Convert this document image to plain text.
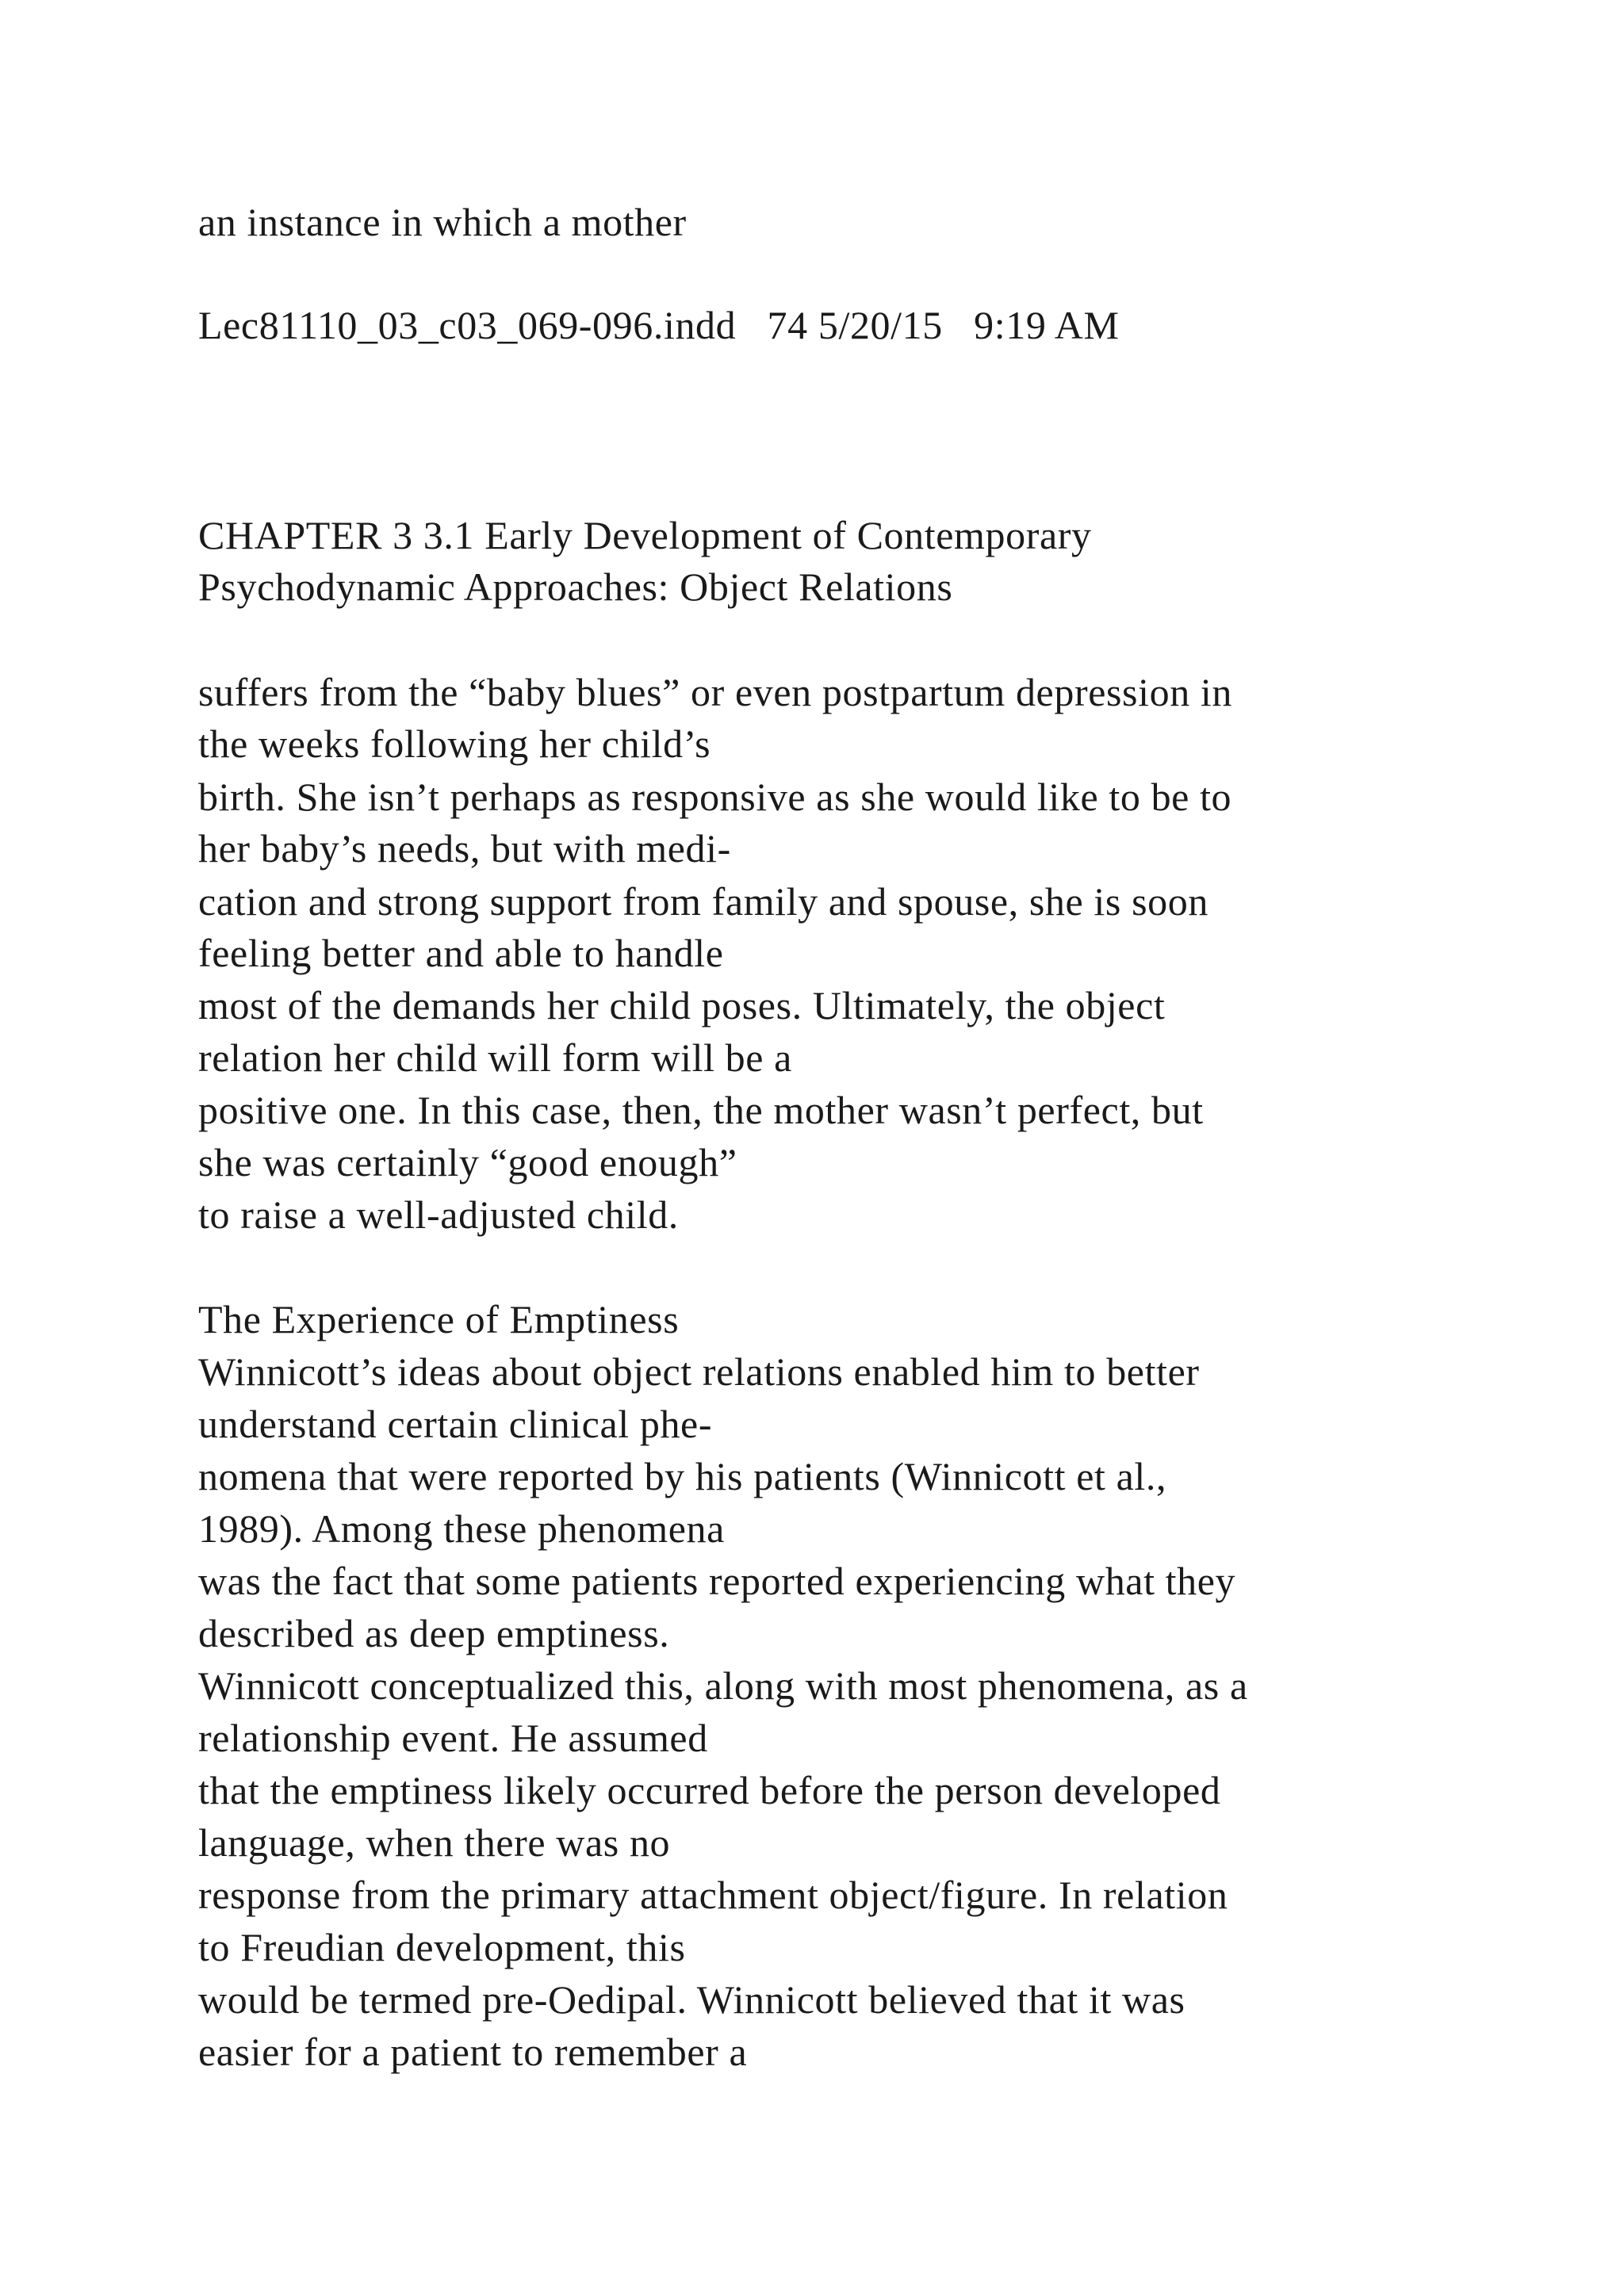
an instance in which a mother
Lec81110_03_c03_069-096.indd   74 5/20/15   9:19 AM
CHAPTER 3 3.1 Early Development of Contemporary
Psychodynamic Approaches: Object Relations
suffers from the “baby blues” or even postpartum depression in
the weeks following her child’s
birth. She isn’t perhaps as responsive as she would like to be to
her baby’s needs, but with medi-
cation and strong support from family and spouse, she is soon
feeling better and able to handle
most of the demands her child poses. Ultimately, the object
relation her child will form will be a
positive one. In this case, then, the mother wasn’t perfect, but
she was certainly “good enough”
to raise a well-adjusted child.
The Experience of Emptiness
Winnicott’s ideas about object relations enabled him to better
understand certain clinical phe-
nomena that were reported by his patients (Winnicott et al.,
1989). Among these phenomena
was the fact that some patients reported experiencing what they
described as deep emptiness.
Winnicott conceptualized this, along with most phenomena, as a
relationship event. He assumed
that the emptiness likely occurred before the person developed
language, when there was no
response from the primary attachment object/figure. In relation
to Freudian development, this
would be termed pre-Oedipal. Winnicott believed that it was
easier for a patient to remember a
